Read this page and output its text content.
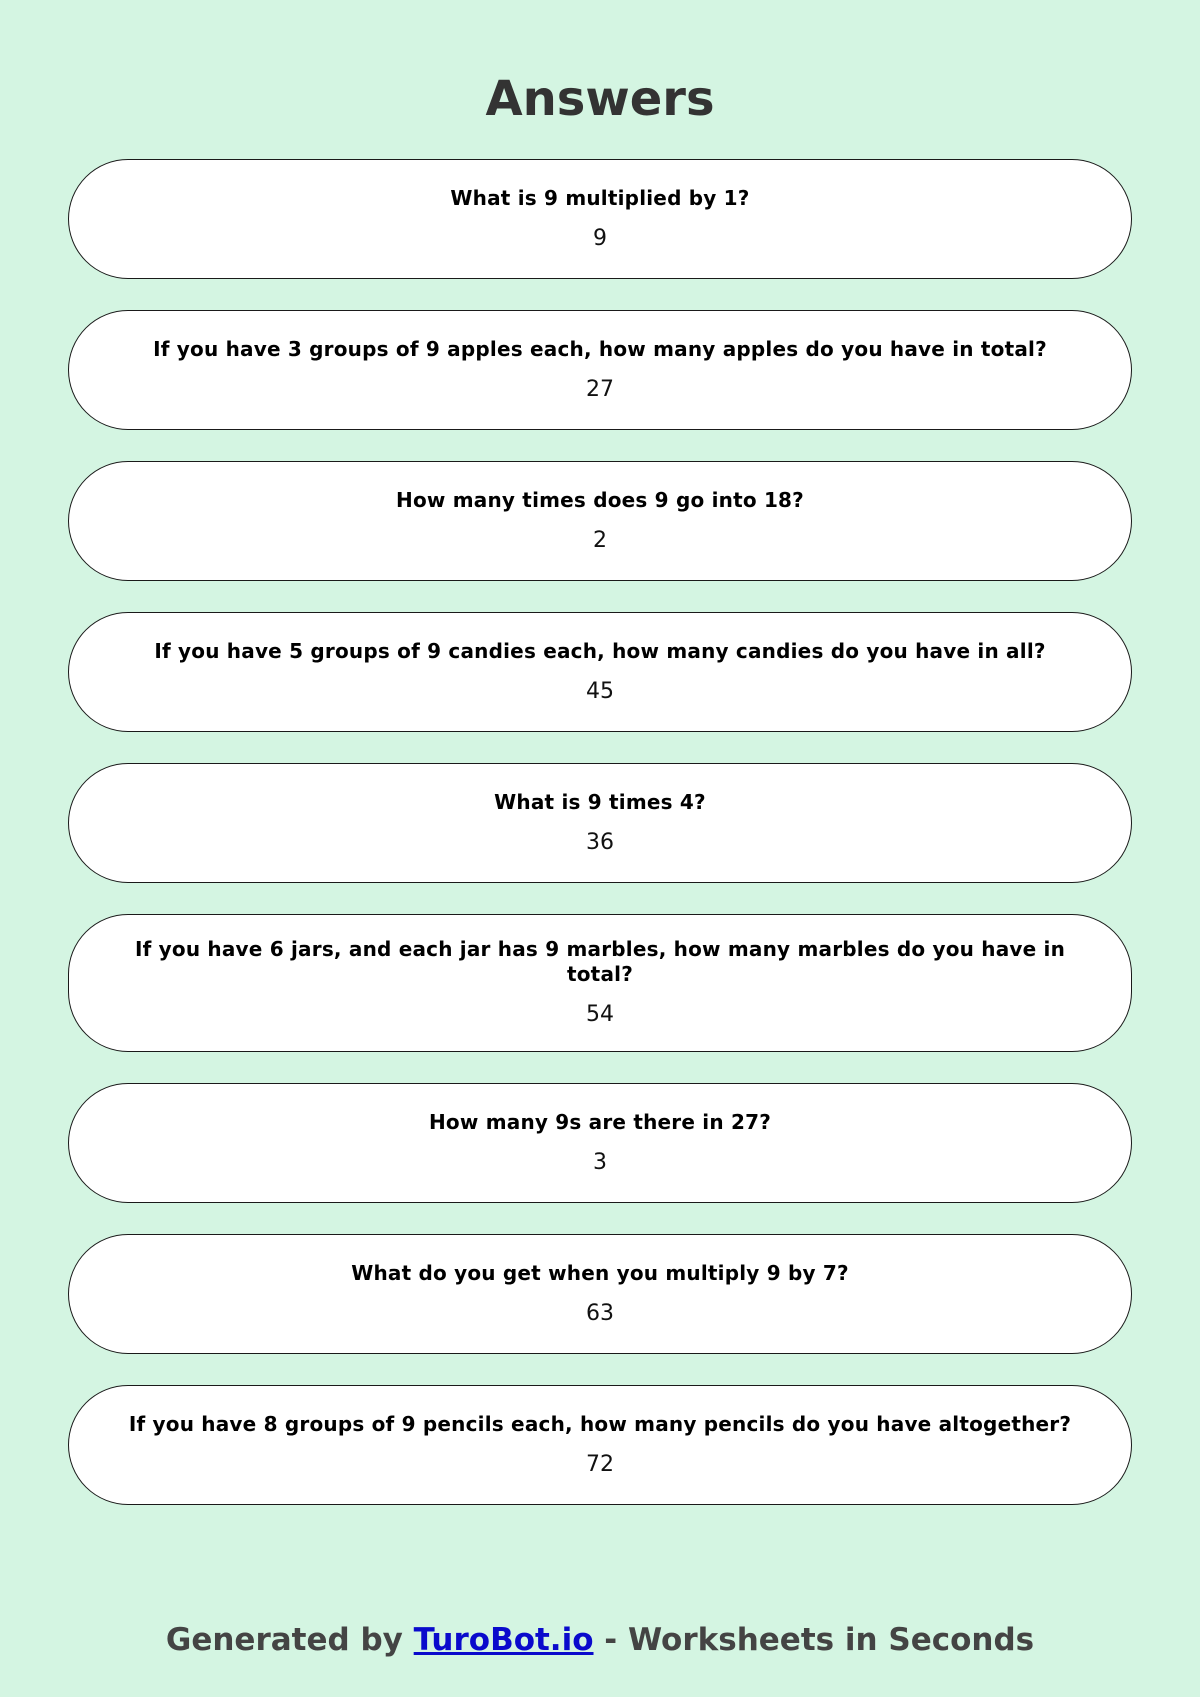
Answers
What is 9 multiplied by 1?
9
If you have 3 groups of 9 apples each, how many apples do you have in total?
27
How many times does 9 go into 18?
2
If you have 5 groups of 9 candies each, how many candies do you have in all?
45
What is 9 times 4?
36
If you have 6 jars, and each jar has 9 marbles, how many marbles do you have in total?
54
How many 9s are there in 27?
3
What do you get when you multiply 9 by 7?
63
If you have 8 groups of 9 pencils each, how many pencils do you have altogether?
72
Generated by TuroBot.io - Worksheets in Seconds
